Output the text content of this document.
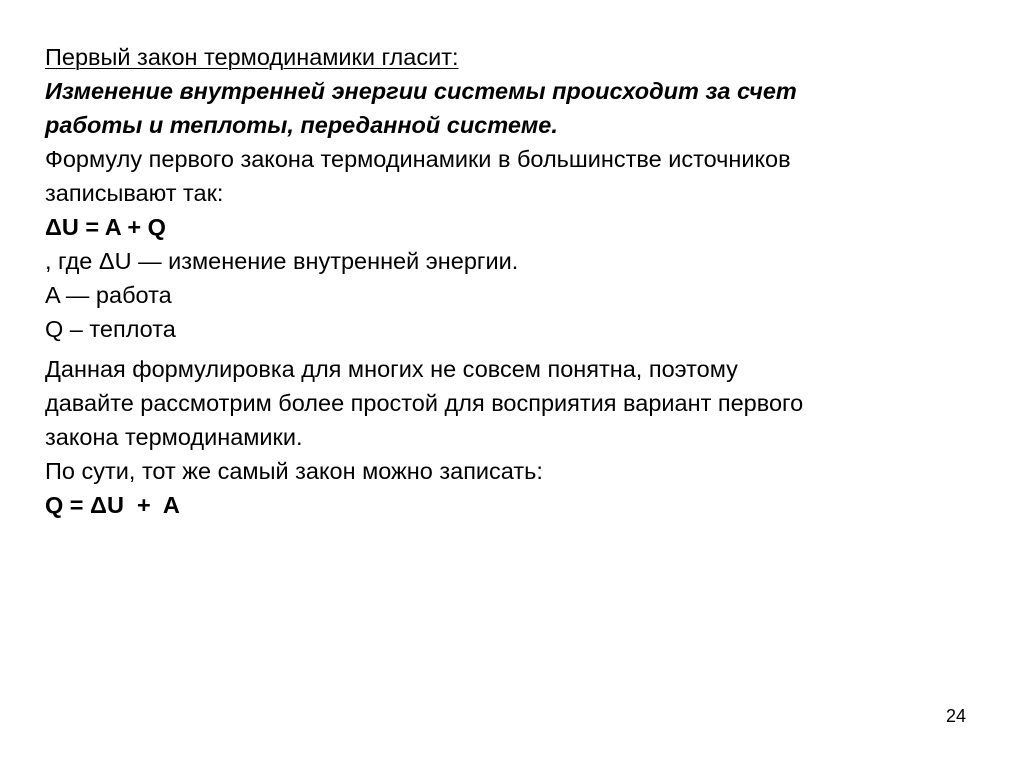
Первый закон термодинамики гласит:
Изменение внутренней энергии системы происходит за счет
работы и теплоты, переданной системе.
Формулу первого закона термодинамики в большинстве источников
записывают так:
ΔU = A + Q
, где ΔU — изменение внутренней энергии.
A — работа
Q – теплота
Данная формулировка для многих не совсем понятна, поэтому
давайте рассмотрим более простой для восприятия вариант первого
закона термодинамики.
По сути, тот же самый закон можно записать:
Q = ΔU  +  A
24
